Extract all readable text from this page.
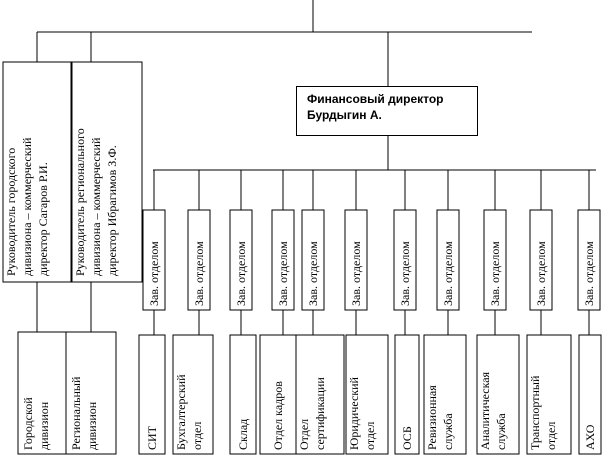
Руководитель городского дивизиона – коммерческий директор Сагаров Р.И. Руководитель регионального дивизиона – коммерческий директор Ибрагимов З.Ф.
Городской дивизион Региональный дивизион
Зав. отделом
СИТ
Зав. отделом
Бухгалтерский отдел
Зав. отделом
Склад
Зав. отделом
Отдел кадров
Зав. отделом
Отдел сертификации
Зав. отделом
Юридический отдел
Зав. отделом
ОСБ
Зав. отделом
Ревизионная служба
Зав. отделом
Аналитическая служба
Зав. отделом
Транспортный отдел
Зав. отделом
АХО
Финансовый директор
Бурдыгин А.
